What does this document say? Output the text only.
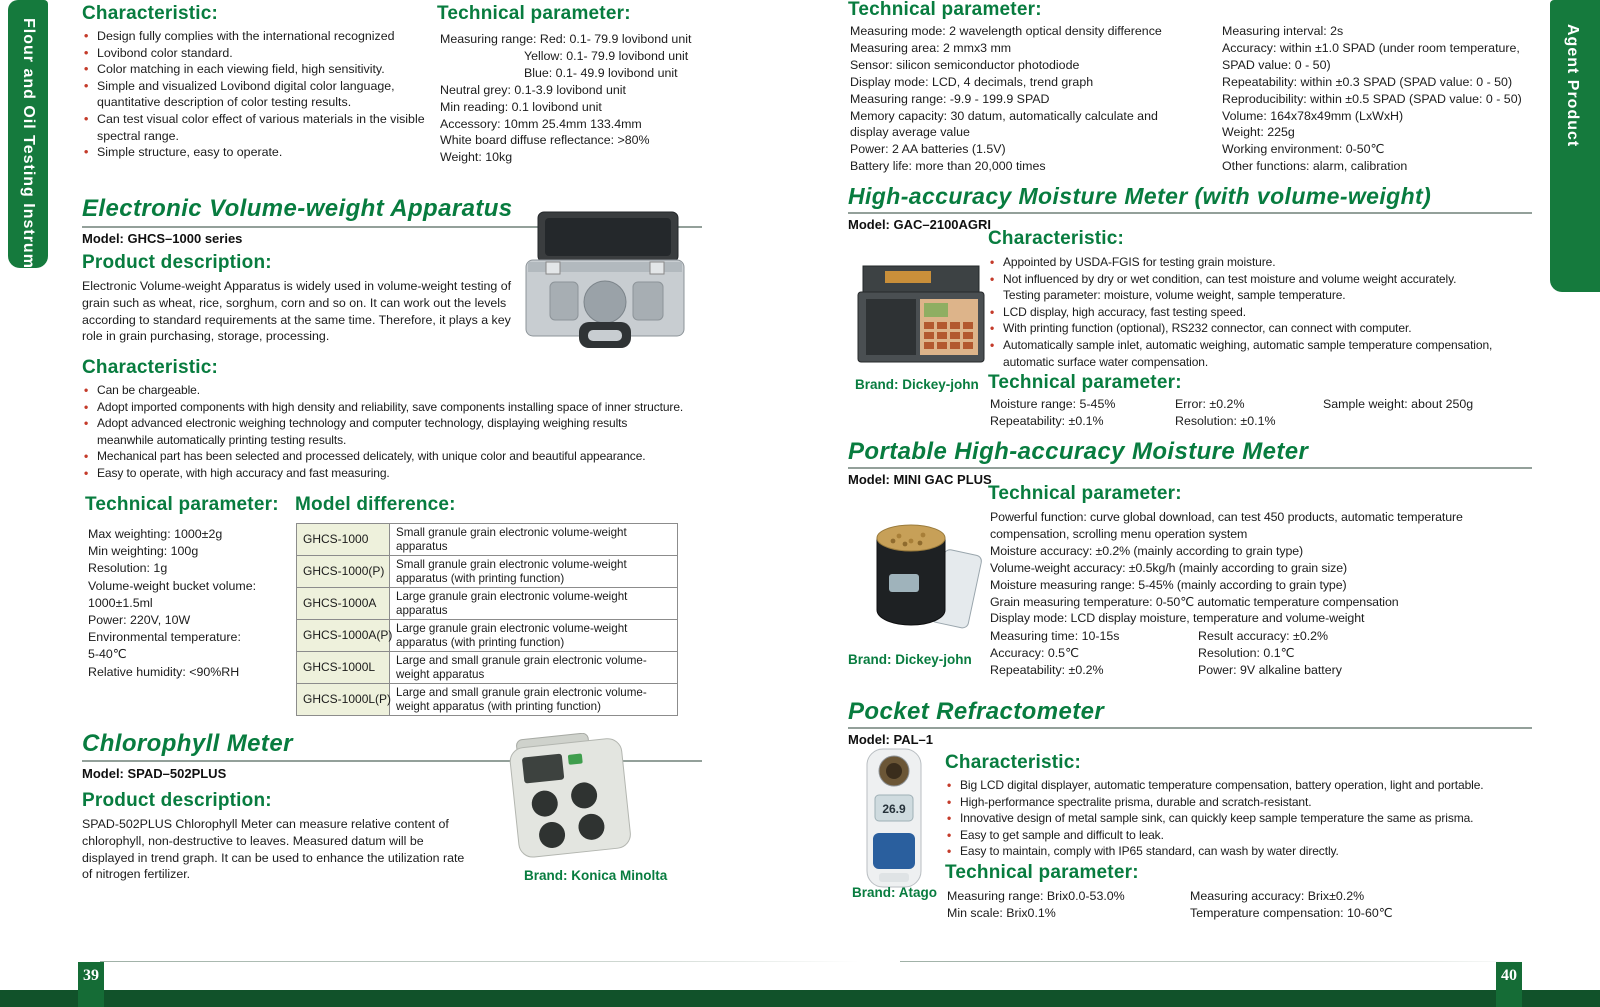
Flour and Oil Testing Instrument	Agent Product
Characteristic:
• Design fully complies with the international recognized
• Lovibond color standard.
• Color matching in each viewing field, high sensitivity.
• Simple and visualized Lovibond digital color language, quantitative description of color testing results.
• Can test visual color effect of various materials in the visible spectral range.
• Simple structure, easy to operate.
Technical parameter:
Measuring range: Red: 0.1- 79.9 lovibond unit
Yellow: 0.1- 79.9 lovibond unit
Blue: 0.1- 49.9 lovibond unit
Neutral grey: 0.1-3.9 lovibond unit
Min reading: 0.1 lovibond unit
Accessory: 10mm 25.4mm 133.4mm
White board diffuse reflectance: >80%
Weight: 10kg
Electronic Volume-weight Apparatus
Model: GHCS–1000 series
Product description:
Electronic Volume-weight Apparatus is widely used in volume-weight testing of grain such as wheat, rice, sorghum, corn and so on. It can work out the levels according to standard requirements at the same time. Therefore, it plays a key role in grain purchasing, storage, processing.
Characteristic:
• Can be chargeable.
• Adopt imported components with high density and reliability, save components installing space of inner structure.
• Adopt advanced electronic weighing technology and computer technology, displaying weighing results
meanwhile automatically printing testing results.
• Mechanical part has been selected and processed delicately, with unique color and beautiful appearance.
• Easy to operate, with high accuracy and fast measuring.
Technical parameter:
Max weighting: 1000±2g
Min weighting: 100g
Resolution: 1g
Volume-weight bucket volume:
1000±1.5ml
Power: 220V, 10W
Environmental temperature:
5-40℃
Relative humidity: <90%RH
Model difference:
GHCS-1000	Small granule grain electronic volume-weight apparatus
GHCS-1000(P)	Small granule grain electronic volume-weight apparatus (with printing function)
GHCS-1000A	Large granule grain electronic volume-weight apparatus
GHCS-1000A(P)	Large granule grain electronic volume-weight apparatus (with printing function)
GHCS-1000L	Large and small granule grain electronic volume-weight apparatus
GHCS-1000L(P)	Large and small granule grain electronic volume-weight apparatus (with printing function)
Chlorophyll Meter
Model: SPAD–502PLUS
Product description:
SPAD-502PLUS Chlorophyll Meter can measure relative content of chlorophyll, non-destructive to leaves. Measured datum will be displayed in trend graph. It can be used to enhance the utilization rate of nitrogen fertilizer.	Brand: Konica Minolta
Technical parameter:
Measuring mode: 2 wavelength optical density difference
Measuring area: 2 mmx3 mm
Sensor: silicon semiconductor photodiode
Display mode: LCD, 4 decimals, trend graph
Measuring range: -9.9 - 199.9 SPAD
Memory capacity: 30 datum, automatically calculate and
display average value
Power: 2 AA batteries (1.5V)
Battery life: more than 20,000 times
Measuring interval: 2s
Accuracy: within ±1.0 SPAD (under room temperature,
SPAD value: 0 - 50)
Repeatability: within ±0.3 SPAD (SPAD value: 0 - 50)
Reproducibility: within ±0.5 SPAD (SPAD value: 0 - 50)
Volume: 164x78x49mm (LxWxH)
Weight: 225g
Working environment: 0-50℃
Other functions: alarm, calibration
High-accuracy Moisture Meter (with volume-weight)
Model: GAC–2100AGRI
Brand: Dickey-john
Characteristic:
• Appointed by USDA-FGIS for testing grain moisture.
• Not influenced by dry or wet condition, can test moisture and volume weight accurately.
Testing parameter: moisture, volume weight, sample temperature.
• LCD display, high accuracy, fast testing speed.
• With printing function (optional), RS232 connector, can connect with computer.
• Automatically sample inlet, automatic weighing, automatic sample temperature compensation,
automatic surface water compensation.
Technical parameter:
Moisture range: 5-45%	Error: ±0.2%	Sample weight: about 250g
Repeatability: ±0.1%	Resolution: ±0.1%
Portable High-accuracy Moisture Meter
Model: MINI GAC PLUS
Brand: Dickey-john
Technical parameter:
Powerful function: curve global download, can test 450 products, automatic temperature
compensation, scrolling menu operation system
Moisture accuracy: ±0.2% (mainly according to grain type)
Volume-weight accuracy: ±0.5kg/h (mainly according to grain size)
Moisture measuring range: 5-45% (mainly according to grain type)
Grain measuring temperature: 0-50℃ automatic temperature compensation
Display mode: LCD display moisture, temperature and volume-weight
Measuring time: 10-15s	Result accuracy: ±0.2%
Accuracy: 0.5℃	Resolution: 0.1℃
Repeatability: ±0.2%	Power: 9V alkaline battery
Pocket Refractometer
Model: PAL–1
26.9
Brand: Atago
Characteristic:
• Big LCD digital displayer, automatic temperature compensation, battery operation, light and portable.
• High-performance spectralite prisma, durable and scratch-resistant.
• Innovative design of metal sample sink, can quickly keep sample temperature the same as prisma.
• Easy to get sample and difficult to leak.
• Easy to maintain, comply with IP65 standard, can wash by water directly.
Technical parameter:
Measuring range: Brix0.0-53.0%	Measuring accuracy: Brix±0.2%
Min scale: Brix0.1%	Temperature compensation: 10-60℃
39	40
